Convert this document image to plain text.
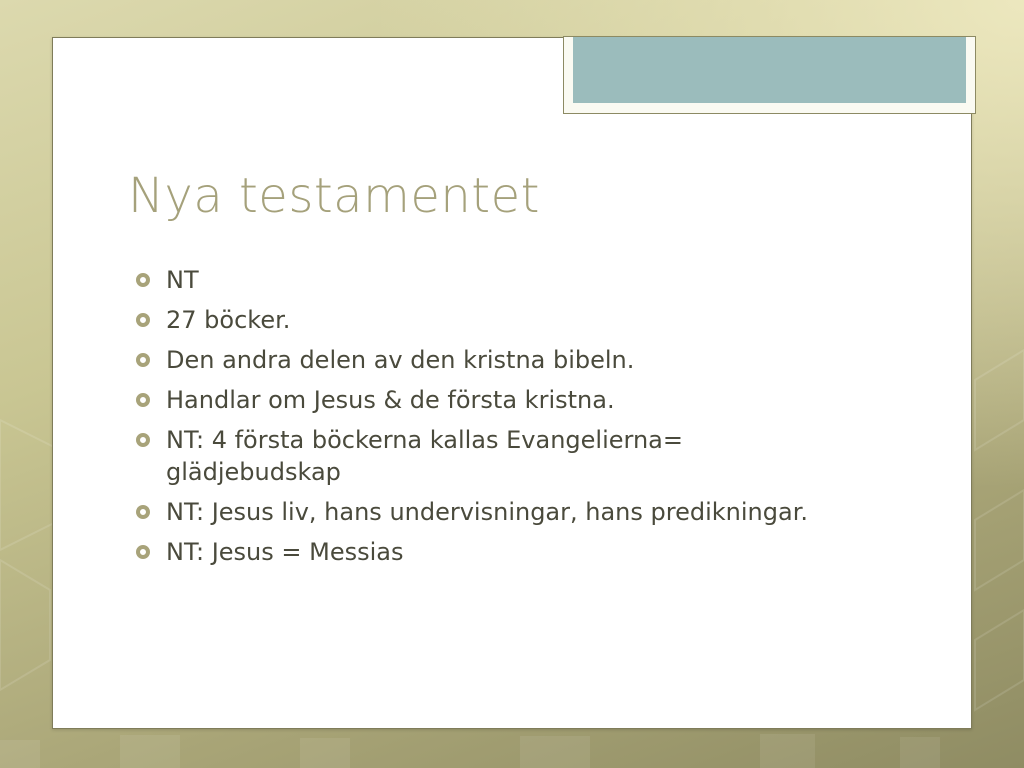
Nya testamentet
NT
27 böcker.
Den andra delen av den kristna bibeln.
Handlar om Jesus & de första kristna.
NT: 4 första böckerna kallas Evangelierna= glädjebudskap
NT: Jesus liv, hans undervisningar, hans predikningar.
NT: Jesus = Messias
